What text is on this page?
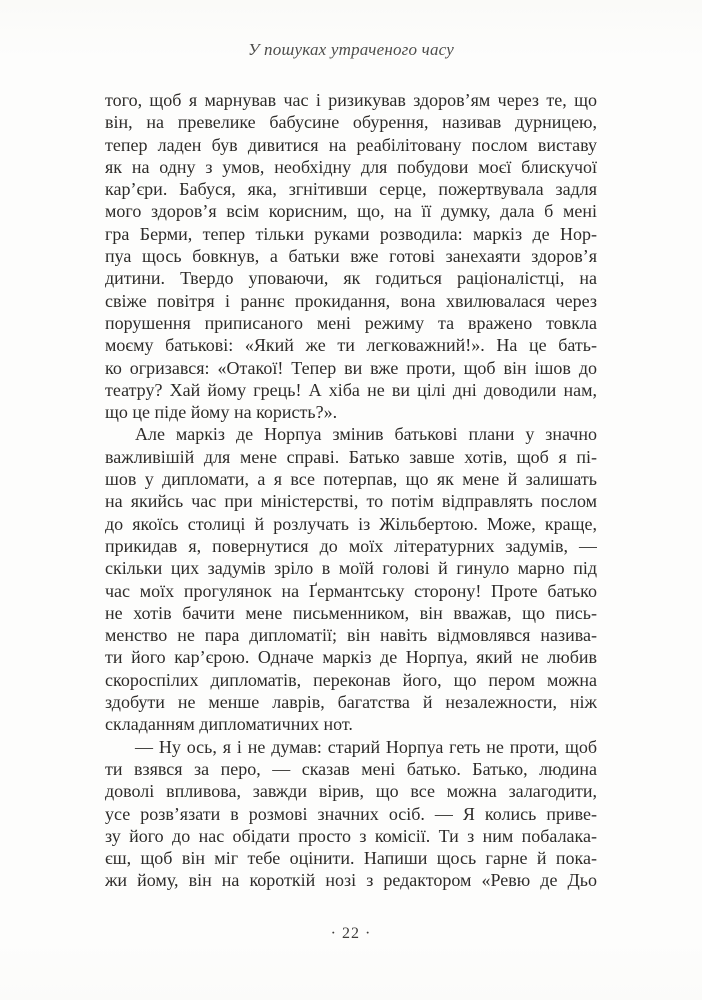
У пошуках утраченого часу
того, щоб я марнував час і ризикував здоров’ям через те, що
він, на превелике бабусине обурення, називав дурницею,
тепер ладен був дивитися на реабілітовану послом виставу
як на одну з умов, необхідну для побудови моєї блискучої
кар’єри. Бабуся, яка, згнітивши серце, пожертвувала задля
мого здоров’я всім корисним, що, на її думку, дала б мені
гра Берми, тепер тільки руками розводила: маркіз де Нор-
пуа щось бовкнув, а батьки вже готові занехаяти здоров’я
дитини. Твердо уповаючи, як годиться раціоналістці, на
свіже повітря і раннє прокидання, вона хвилювалася через
порушення приписаного мені режиму та вражено товкла
моєму батькові: «Який же ти легковажний!». На це бать-
ко огризався: «Отакої! Тепер ви вже проти, щоб він ішов до
театру? Хай йому грець! А хіба не ви цілі дні доводили нам,
що це піде йому на користь?».
Але маркіз де Норпуа змінив батькові плани у значно
важливішій для мене справі. Батько завше хотів, щоб я пі-
шов у дипломати, а я все потерпав, що як мене й залишать
на якийсь час при міністерстві, то потім відправлять послом
до якоїсь столиці й розлучать із Жільбертою. Може, краще,
прикидав я, повернутися до моїх літературних задумів, —
скільки цих задумів зріло в моїй голові й гинуло марно під
час моїх прогулянок на Ґермантську сторону! Проте батько
не хотів бачити мене письменником, він вважав, що пись-
менство не пара дипломатії; він навіть відмовлявся назива-
ти його кар’єрою. Одначе маркіз де Норпуа, який не любив
скороспілих дипломатів, переконав його, що пером можна
здобути не менше лаврів, багатства й незалежности, ніж
складанням дипломатичних нот.
— Ну ось, я і не думав: старий Норпуа геть не проти, щоб
ти взявся за перо, — сказав мені батько. Батько, людина
доволі впливова, завжди вірив, що все можна залагодити,
усе розв’язати в розмові значних осіб. — Я колись приве-
зу його до нас обідати просто з комісії. Ти з ним побалака-
єш, щоб він міг тебе оцінити. Напиши щось гарне й пока-
жи йому, він на короткій нозі з редактором «Ревю де Дьо
· 22 ·
